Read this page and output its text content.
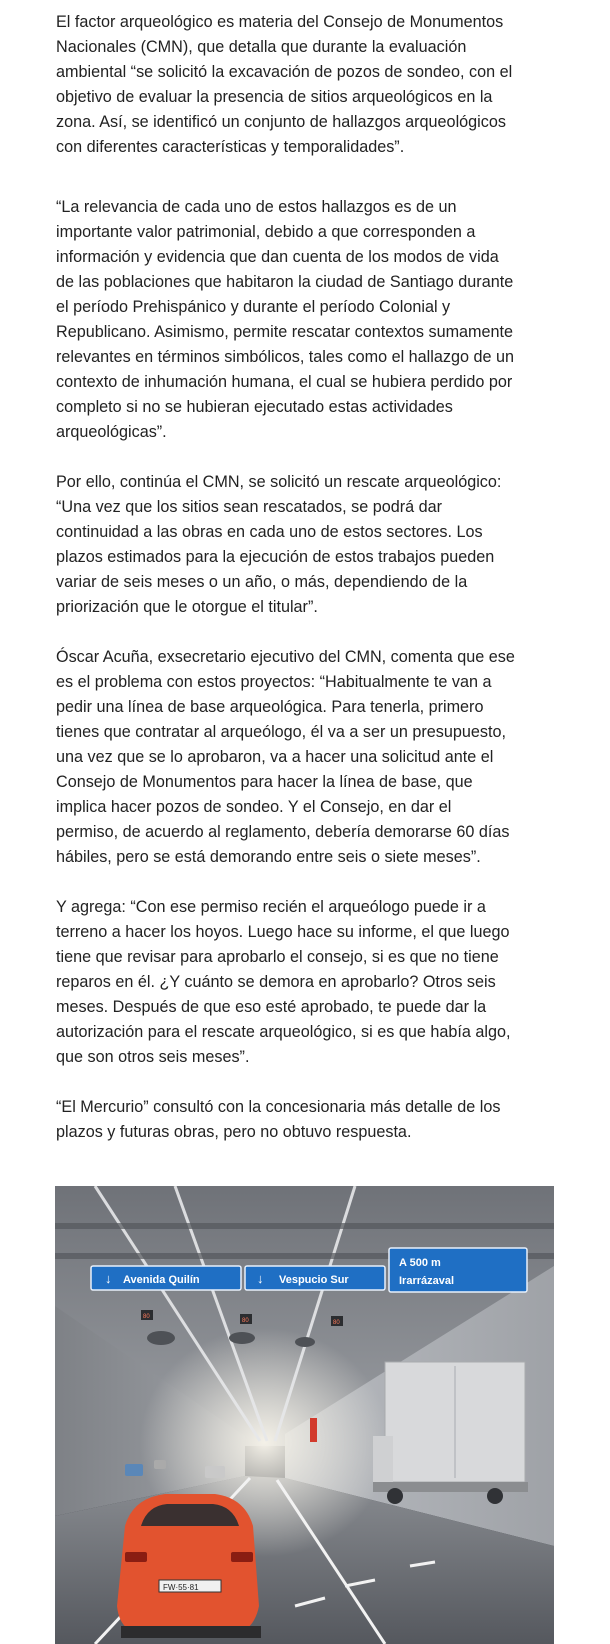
El factor arqueológico es materia del Consejo de Monumentos
Nacionales (CMN), que detalla que durante la evaluación
ambiental “se solicitó la excavación de pozos de sondeo, con el
objetivo de evaluar la presencia de sitios arqueológicos en la
zona. Así, se identificó un conjunto de hallazgos arqueológicos
con diferentes características y temporalidades”.

“La relevancia de cada uno de estos hallazgos es de un
importante valor patrimonial, debido a que corresponden a
información y evidencia que dan cuenta de los modos de vida
de las poblaciones que habitaron la ciudad de Santiago durante
el período Prehispánico y durante el período Colonial y
Republicano. Asimismo, permite rescatar contextos sumamente
relevantes en términos simbólicos, tales como el hallazgo de un
contexto de inhumación humana, el cual se hubiera perdido por
completo si no se hubieran ejecutado estas actividades
arqueológicas”.

Por ello, continúa el CMN, se solicitó un rescate arqueológico:
“Una vez que los sitios sean rescatados, se podrá dar
continuidad a las obras en cada uno de estos sectores. Los
plazos estimados para la ejecución de estos trabajos pueden
variar de seis meses o un año, o más, dependiendo de la
priorización que le otorgue el titular”.

Óscar Acuña, exsecretario ejecutivo del CMN, comenta que ese
es el problema con estos proyectos: “Habitualmente te van a
pedir una línea de base arqueológica. Para tenerla, primero
tienes que contratar al arqueólogo, él va a ser un presupuesto,
una vez que se lo aprobaron, va a hacer una solicitud ante el
Consejo de Monumentos para hacer la línea de base, que
implica hacer pozos de sondeo. Y el Consejo, en dar el
permiso, de acuerdo al reglamento, debería demorarse 60 días
hábiles, pero se está demorando entre seis o siete meses”.

Y agrega: “Con ese permiso recién el arqueólogo puede ir a
terreno a hacer los hoyos. Luego hace su informe, el que luego
tiene que revisar para aprobarlo el consejo, si es que no tiene
reparos en él. ¿Y cuánto se demora en aprobarlo? Otros seis
meses. Después de que eso esté aprobado, te puede dar la
autorización para el rescate arqueológico, si es que había algo,
que son otros seis meses”.

“El Mercurio” consultó con la concesionaria más detalle de los
plazos y futuras obras, pero no obtuvo respuesta.

↓ Avenida Quilín	↓ Vespucio Sur
A 500 m
Irarrázaval
80
80	80
FW·55·81
